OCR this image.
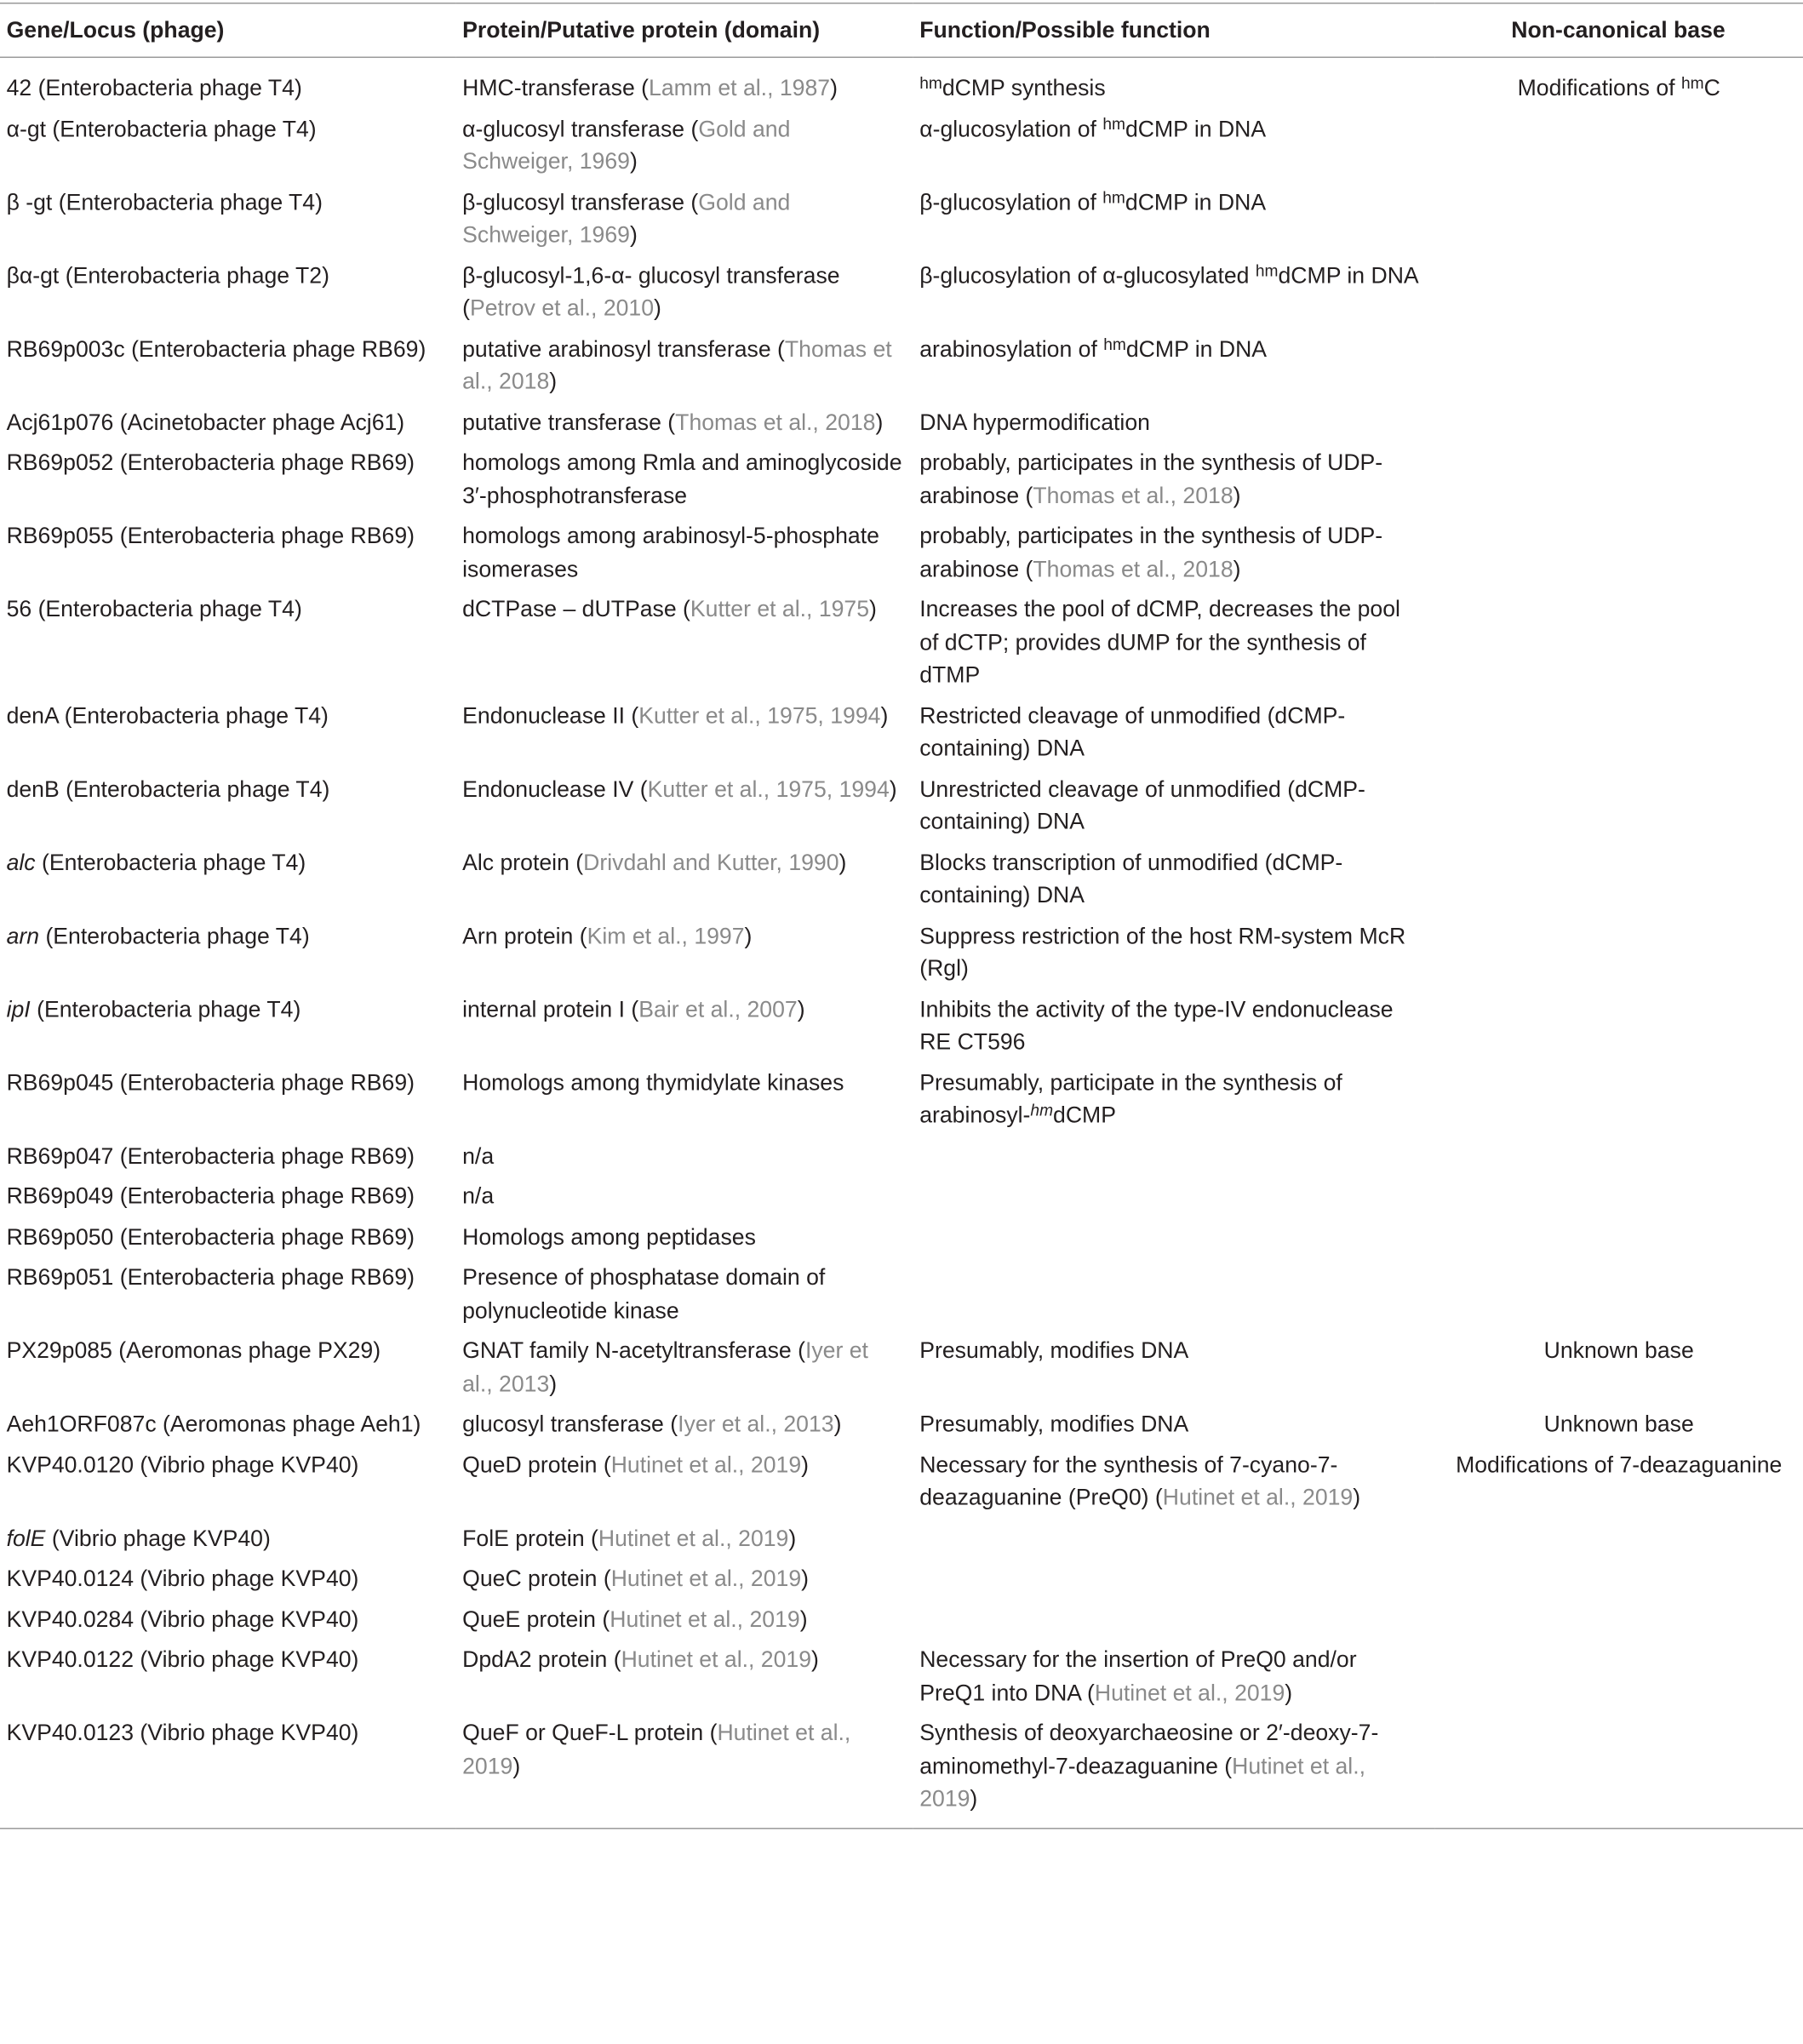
Gene/Locus (phage)	Protein/Putative protein (domain)	Function/Possible function	Non-canonical base
42 (Enterobacteria phage T4)	HMC-transferase (Lamm et al., 1987)	$^{hm}$dCMP synthesis	Modifications of $^{hm}$C
α-gt (Enterobacteria phage T4)	α-glucosyl transferase (Gold and Schweiger, 1969)	α-glucosylation of $^{hm}$dCMP in DNA	
β -gt (Enterobacteria phage T4)	β-glucosyl transferase (Gold and Schweiger, 1969)	β-glucosylation of $^{hm}$dCMP in DNA	
βα-gt (Enterobacteria phage T2)	β-glucosyl-1,6-α- glucosyl transferase (Petrov et al., 2010)	β-glucosylation of α-glucosylated $^{hm}$dCMP in DNA	
RB69p003c (Enterobacteria phage RB69)	putative arabinosyl transferase (Thomas et al., 2018)	arabinosylation of $^{hm}$dCMP in DNA	
Acj61p076 (Acinetobacter phage Acj61)	putative transferase (Thomas et al., 2018)	DNA hypermodification	
RB69p052 (Enterobacteria phage RB69)	homologs among Rmla and aminoglycoside 3′-phosphotransferase	probably, participates in the synthesis of UDP-arabinose (Thomas et al., 2018)	
RB69p055 (Enterobacteria phage RB69)	homologs among arabinosyl-5-phosphate isomerases	probably, participates in the synthesis of UDP-arabinose (Thomas et al., 2018)	
56 (Enterobacteria phage T4)	dCTPase – dUTPase (Kutter et al., 1975)	Increases the pool of dCMP, decreases the pool of dCTP; provides dUMP for the synthesis of dTMP	
denA (Enterobacteria phage T4)	Endonuclease II (Kutter et al., 1975, 1994)	Restricted cleavage of unmodified (dCMP-containing) DNA	
denB (Enterobacteria phage T4)	Endonuclease IV (Kutter et al., 1975, 1994)	Unrestricted cleavage of unmodified (dCMP-containing) DNA	
alc (Enterobacteria phage T4)	Alc protein (Drivdahl and Kutter, 1990)	Blocks transcription of unmodified (dCMP-containing) DNA	
arn (Enterobacteria phage T4)	Arn protein (Kim et al., 1997)	Suppress restriction of the host RM-system McR (Rgl)	
ipI (Enterobacteria phage T4)	internal protein I (Bair et al., 2007)	Inhibits the activity of the type-IV endonuclease RE CT596	
RB69p045 (Enterobacteria phage RB69)	Homologs among thymidylate kinases	Presumably, participate in the synthesis of arabinosyl-$^{hm}$dCMP	
RB69p047 (Enterobacteria phage RB69)	n/a		
RB69p049 (Enterobacteria phage RB69)	n/a		
RB69p050 (Enterobacteria phage RB69)	Homologs among peptidases		
RB69p051 (Enterobacteria phage RB69)	Presence of phosphatase domain of polynucleotide kinase		
PX29p085 (Aeromonas phage PX29)	GNAT family N-acetyltransferase (Iyer et al., 2013)	Presumably, modifies DNA	Unknown base
Aeh1ORF087c (Aeromonas phage Aeh1)	glucosyl transferase (Iyer et al., 2013)	Presumably, modifies DNA	Unknown base
KVP40.0120 (Vibrio phage KVP40)	QueD protein (Hutinet et al., 2019)	Necessary for the synthesis of 7-cyano-7-deazaguanine (PreQ0) (Hutinet et al., 2019)	Modifications of 7-deazaguanine
folE (Vibrio phage KVP40)	FolE protein (Hutinet et al., 2019)		
KVP40.0124 (Vibrio phage KVP40)	QueC protein (Hutinet et al., 2019)		
KVP40.0284 (Vibrio phage KVP40)	QueE protein (Hutinet et al., 2019)		
KVP40.0122 (Vibrio phage KVP40)	DpdA2 protein (Hutinet et al., 2019)	Necessary for the insertion of PreQ0 and/or PreQ1 into DNA (Hutinet et al., 2019)	
KVP40.0123 (Vibrio phage KVP40)	QueF or QueF-L protein (Hutinet et al., 2019)	Synthesis of deoxyarchaeosine or 2′-deoxy-7-aminomethyl-7-deazaguanine (Hutinet et al., 2019)	
